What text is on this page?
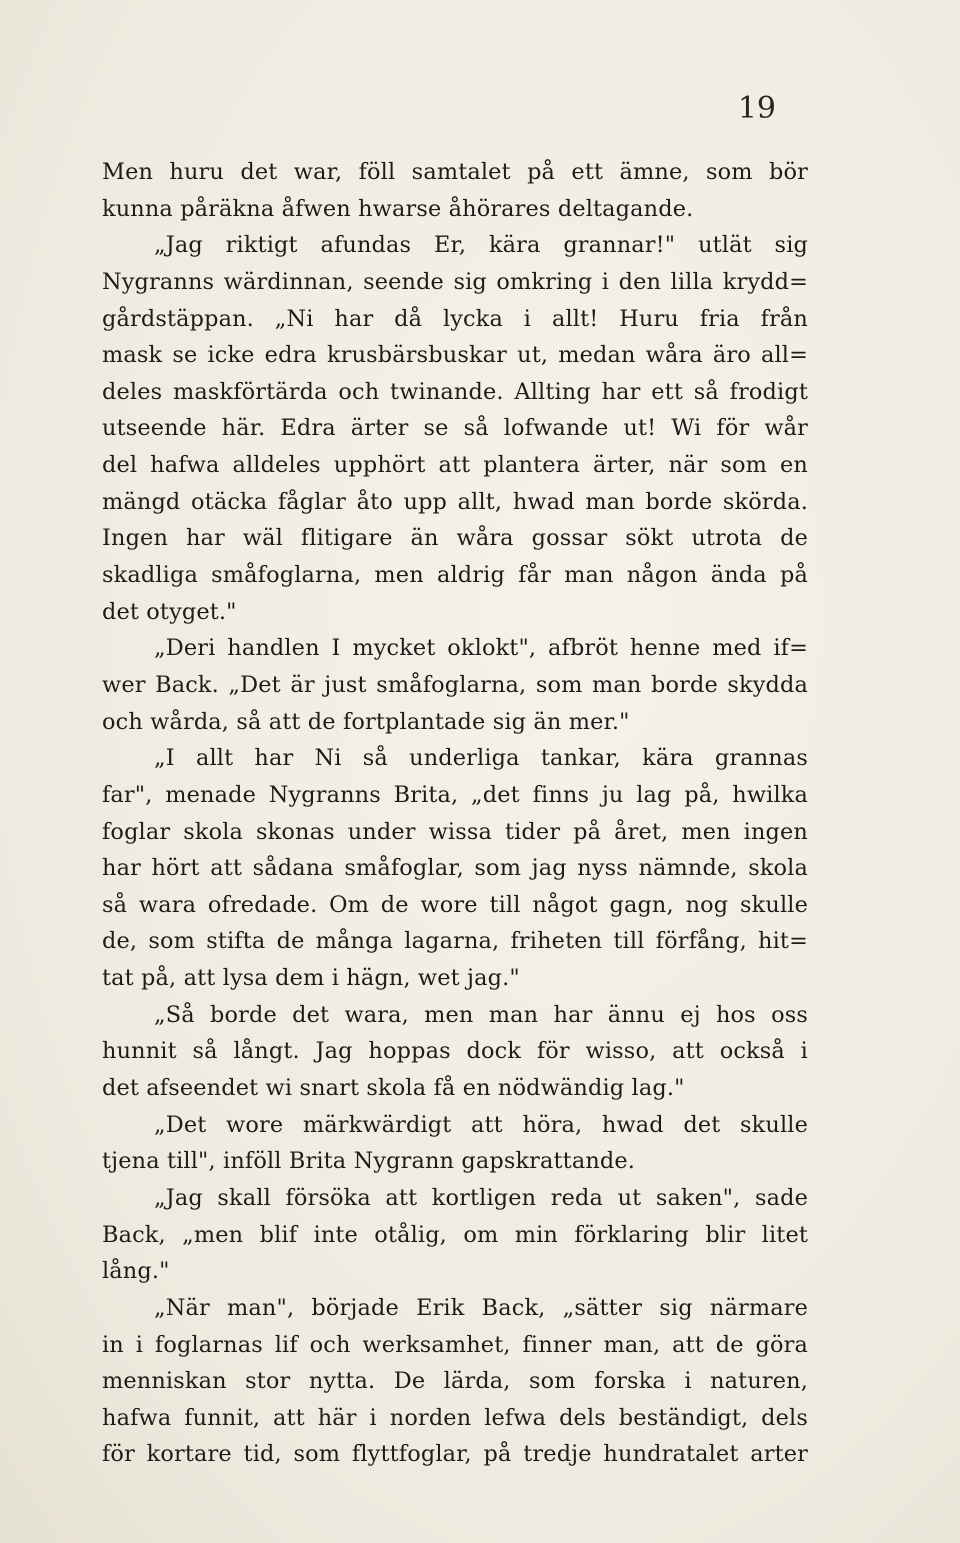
19
Men huru det war, föll samtalet på ett ämne, som bör
kunna påräkna åfwen hwarse åhörares deltagande.
„Jag riktigt afundas Er, kära grannar!" utlät sig
Nygranns wärdinnan, seende sig omkring i den lilla krydd=
gårdstäppan. „Ni har då lycka i allt! Huru fria från
mask se icke edra krusbärsbuskar ut, medan wåra äro all=
deles maskförtärda och twinande. Allting har ett så frodigt
utseende här. Edra ärter se så lofwande ut! Wi för wår
del hafwa alldeles upphört att plantera ärter, när som en
mängd otäcka fåglar åto upp allt, hwad man borde skörda.
Ingen har wäl flitigare än wåra gossar sökt utrota de
skadliga småfoglarna, men aldrig får man någon ända på
det otyget."
„Deri handlen I mycket oklokt", afbröt henne med if=
wer Back. „Det är just småfoglarna, som man borde skydda
och wårda, så att de fortplantade sig än mer."
„I allt har Ni så underliga tankar, kära grannas
far", menade Nygranns Brita, „det finns ju lag på, hwilka
foglar skola skonas under wissa tider på året, men ingen
har hört att sådana småfoglar, som jag nyss nämnde, skola
så wara ofredade. Om de wore till något gagn, nog skulle
de, som stifta de många lagarna, friheten till förfång, hit=
tat på, att lysa dem i hägn, wet jag."
„Så borde det wara, men man har ännu ej hos oss
hunnit så långt. Jag hoppas dock för wisso, att också i
det afseendet wi snart skola få en nödwändig lag."
„Det wore märkwärdigt att höra, hwad det skulle
tjena till", inföll Brita Nygrann gapskrattande.
„Jag skall försöka att kortligen reda ut saken", sade
Back, „men blif inte otålig, om min förklaring blir litet
lång."
„När man", började Erik Back, „sätter sig närmare
in i foglarnas lif och werksamhet, finner man, att de göra
menniskan stor nytta. De lärda, som forska i naturen,
hafwa funnit, att här i norden lefwa dels beständigt, dels
för kortare tid, som flyttfoglar, på tredje hundratalet arter
